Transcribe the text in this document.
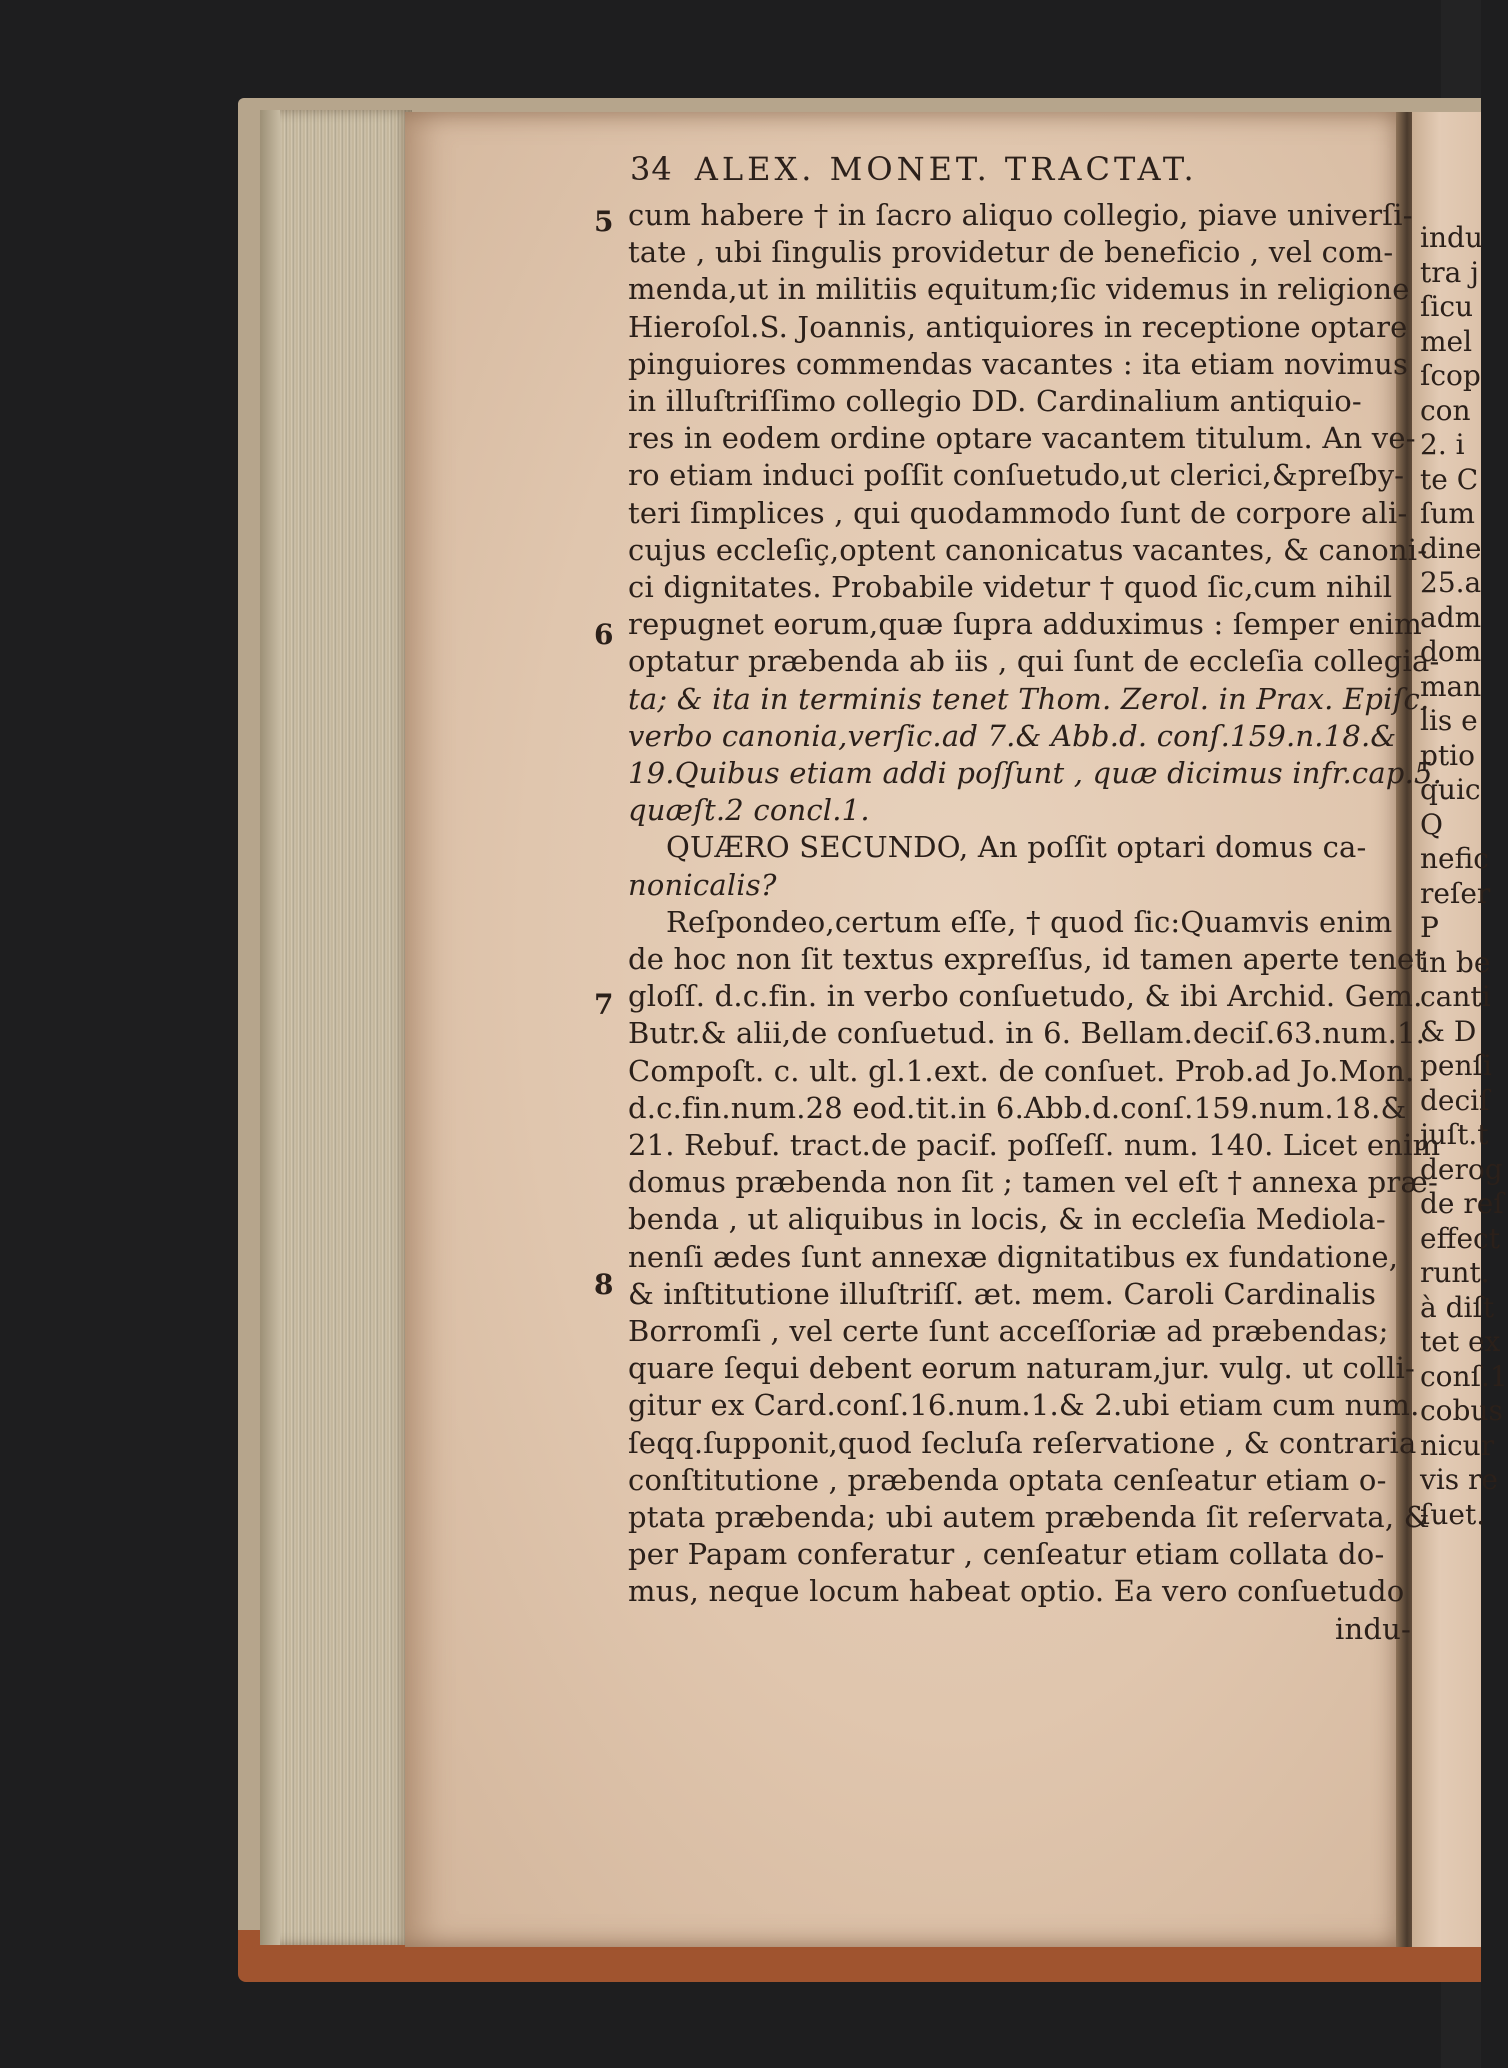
34 ALEX. MONET. TRACTAT.
cum habere † in ſacro aliquo collegio, piave univerſi-
tate , ubi ſingulis providetur de beneficio , vel com-
menda,ut in militiis equitum;ſic videmus in religione
Hieroſol.S. Joannis, antiquiores in receptione optare
pinguiores commendas vacantes : ita etiam novimus
in illuſtriſſimo collegio DD. Cardinalium antiquio-
res in eodem ordine optare vacantem titulum. An ve-
ro etiam induci poſſit conſuetudo,ut clerici,&preſby-
teri ſimplices , qui quodammodo ſunt de corpore ali-
cujus eccleſiç,optent canonicatus vacantes, & canoni-
ci dignitates. Probabile videtur † quod ſic,cum nihil
repugnet eorum,quæ ſupra adduximus : ſemper enim
optatur præbenda ab iis , qui ſunt de eccleſia collegia-
ta; & ita in terminis tenet Thom. Zerol. in Prax. Epiſc.
verbo canonia,verſic.ad 7.& Abb.d. conſ.159.n.18.&
19.Quibus etiam addi poſſunt , quæ dicimus infr.cap.5.
quæſt.2 concl.1.
QUÆRO SECUNDO, An poſſit optari domus ca-
nonicalis?
Reſpondeo,certum eſſe, † quod ſic:Quamvis enim
de hoc non ſit textus expreſſus, id tamen aperte tenet
gloſſ. d.c.fin. in verbo conſuetudo, & ibi Archid. Gem.
Butr.& alii,de conſuetud. in 6. Bellam.deciſ.63.num.1.
Compoſt. c. ult. gl.1.ext. de conſuet. Prob.ad Jo.Mon.
d.c.fin.num.28 eod.tit.in 6.Abb.d.conſ.159.num.18.&
21. Rebuf. tract.de pacif. poſſeſſ. num. 140. Licet enim
domus præbenda non ſit ; tamen vel eſt † annexa præ-
benda , ut aliquibus in locis, & in eccleſia Mediola-
nenſi ædes ſunt annexæ dignitatibus ex fundatione,
& inſtitutione illuſtriſſ. æt. mem. Caroli Cardinalis
Borromſi , vel certe ſunt acceſſoriæ ad præbendas;
quare ſequi debent eorum naturam,jur. vulg. ut colli-
gitur ex Card.conſ.16.num.1.& 2.ubi etiam cum num.
ſeqq.ſupponit,quod ſecluſa reſervatione , & contraria
conſtitutione , præbenda optata cenſeatur etiam o-
ptata præbenda; ubi autem præbenda ſit reſervata, &
per Papam conferatur , cenſeatur etiam collata do-
mus, neque locum habeat optio. Ea vero conſuetudo
indu-
5
6
7
8
indu
tra j
ſicu
mel
ſcop
con
2. i
te C
ſum
dine
25.a
adm
dom
man
lis e
ptio
quic
Q
nefic
reſer
P
in be
canti
& D
penſi
deciſ
juſt.t
derog
de reſ
effect
runt.
à diſt
tet ex
conſ.1
cobus
nicur
vis re
ſuet.
